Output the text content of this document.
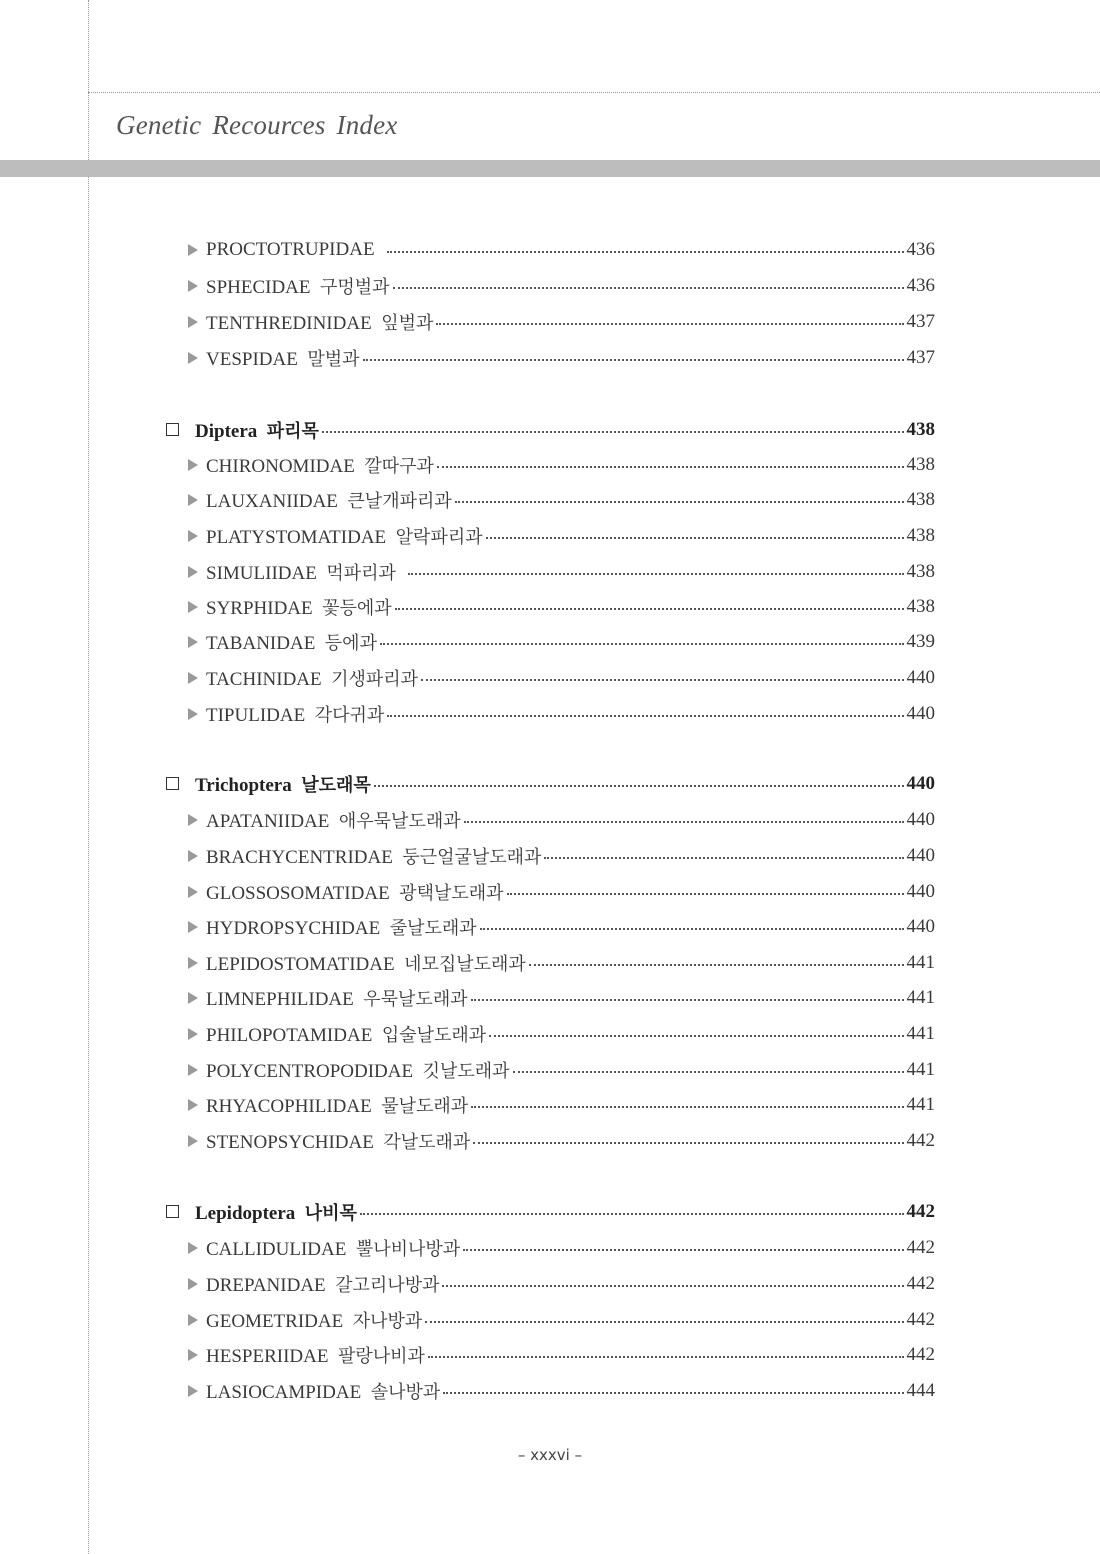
Genetic Recources Index
PROCTOTRUPIDAE	436
SPHECIDAE 구멍벌과	436
TENTHREDINIDAE 잎벌과	437
VESPIDAE 말벌과	437
Diptera 파리목	438
CHIRONOMIDAE 깔따구과	438
LAUXANIIDAE 큰날개파리과	438
PLATYSTOMATIDAE 알락파리과	438
SIMULIIDAE 먹파리과	438
SYRPHIDAE 꽃등에과	438
TABANIDAE 등에과	439
TACHINIDAE 기생파리과	440
TIPULIDAE 각다귀과	440
Trichoptera 날도래목	440
APATANIIDAE 애우묵날도래과	440
BRACHYCENTRIDAE 둥근얼굴날도래과	440
GLOSSOSOMATIDAE 광택날도래과	440
HYDROPSYCHIDAE 줄날도래과	440
LEPIDOSTOMATIDAE 네모집날도래과	441
LIMNEPHILIDAE 우묵날도래과	441
PHILOPOTAMIDAE 입술날도래과	441
POLYCENTROPODIDAE 깃날도래과	441
RHYACOPHILIDAE 물날도래과	441
STENOPSYCHIDAE 각날도래과	442
Lepidoptera 나비목	442
CALLIDULIDAE 뿔나비나방과	442
DREPANIDAE 갈고리나방과	442
GEOMETRIDAE 자나방과	442
HESPERIIDAE 팔랑나비과	442
LASIOCAMPIDAE 솔나방과	444
– xxxvi –
